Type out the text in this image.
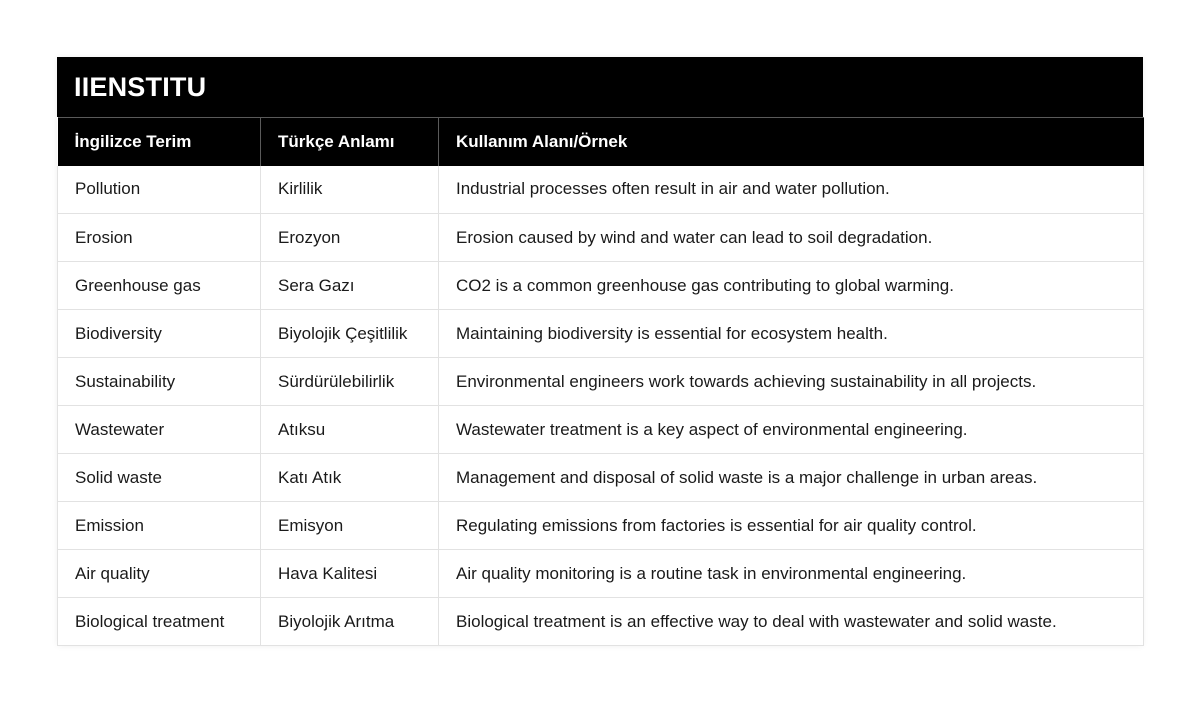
IIENSTITU
İngilizce Terim	Türkçe Anlamı	Kullanım Alanı/Örnek
Pollution	Kirlilik	Industrial processes often result in air and water pollution.
Erosion	Erozyon	Erosion caused by wind and water can lead to soil degradation.
Greenhouse gas	Sera Gazı	CO2 is a common greenhouse gas contributing to global warming.
Biodiversity	Biyolojik Çeşitlilik	Maintaining biodiversity is essential for ecosystem health.
Sustainability	Sürdürülebilirlik	Environmental engineers work towards achieving sustainability in all projects.
Wastewater	Atıksu	Wastewater treatment is a key aspect of environmental engineering.
Solid waste	Katı Atık	Management and disposal of solid waste is a major challenge in urban areas.
Emission	Emisyon	Regulating emissions from factories is essential for air quality control.
Air quality	Hava Kalitesi	Air quality monitoring is a routine task in environmental engineering.
Biological treatment	Biyolojik Arıtma	Biological treatment is an effective way to deal with wastewater and solid waste.
